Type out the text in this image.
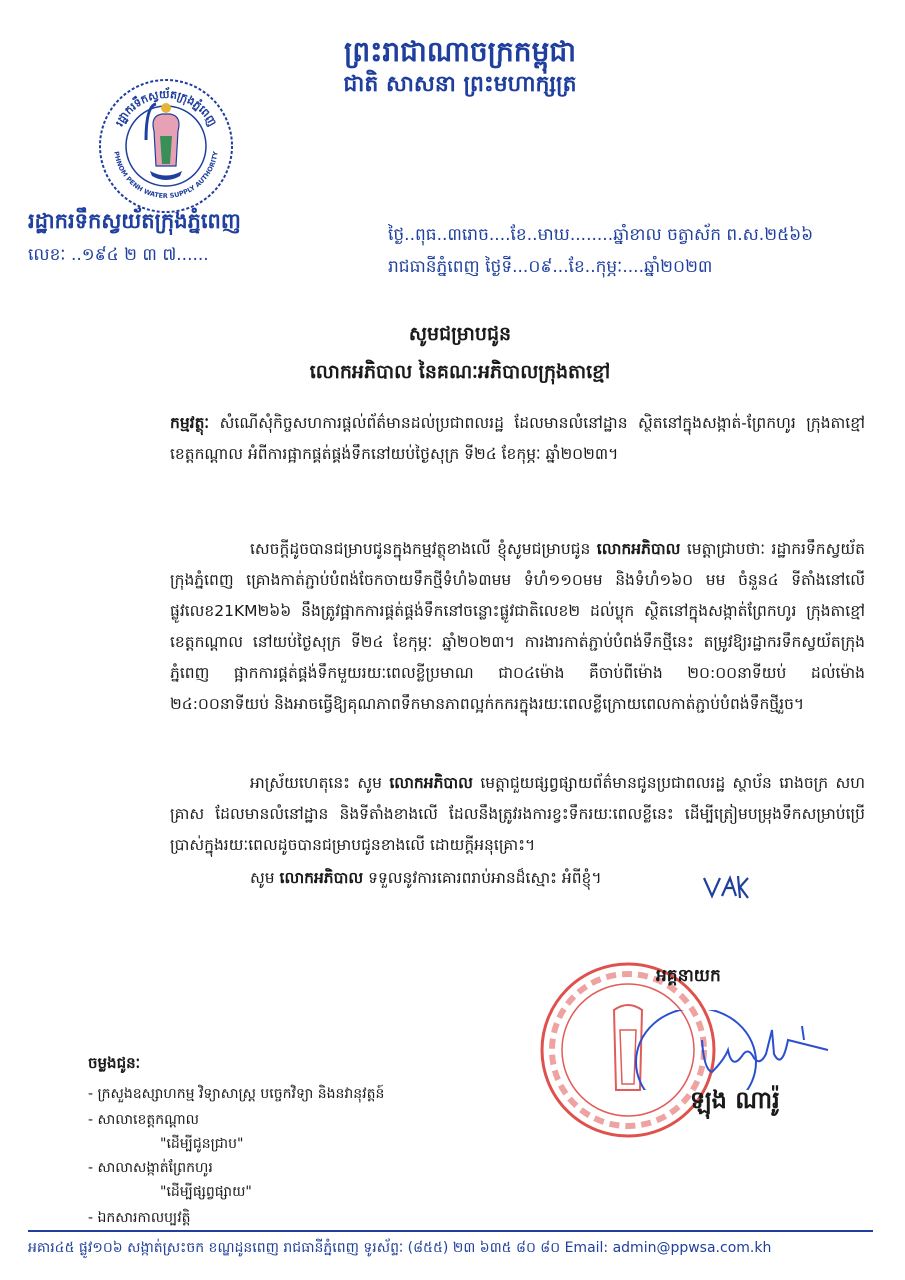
ព្រះរាជាណាចក្រកម្ពុជា
ជាតិ សាសនា ព្រះមហាក្សត្រ
រដ្ឋាករទឹកស្វយ័តក្រុងភ្នំពេញ
PHNOM PENH WATER SUPPLY AUTHORITY
រដ្ឋាករទឹកស្វយ័តក្រុងភ្នំពេញ
លេខៈ ..១៩៤ ២ ៣ ៧......
ថ្ងៃ..ពុធ..៣រោច....ខែ..មាឃ........ឆ្នាំខាល ចត្វាស័ក ព.ស.២៥៦៦
រាជធានីភ្នំពេញ ថ្ងៃទី...០៩...ខែ..កុម្ភៈ....ឆ្នាំ២០២៣
សូមជម្រាបជូន
លោកអភិបាល នៃគណៈអភិបាលក្រុងតាខ្មៅ
កម្មវត្ថុៈ សំណើសុំកិច្ចសហការផ្តល់ព័ត៌មានដល់ប្រជាពលរដ្ឋ ដែលមានលំនៅដ្ឋាន ស្ថិតនៅក្នុងសង្កាត់-ព្រែកហូរ ក្រុងតាខ្មៅ ខេត្តកណ្តាល អំពីការផ្អាកផ្គត់ផ្គង់ទឹកនៅយប់ថ្ងៃសុក្រ ទី២៤ ខែកុម្ភៈ ឆ្នាំ២០២៣។
សេចក្តីដូចបានជម្រាបជូនក្នុងកម្មវត្ថុខាងលើ ខ្ញុំសូមជម្រាបជូន លោកអភិបាល មេត្តាជ្រាបថាៈ រដ្ឋាករទឹកស្វយ័តក្រុងភ្នំពេញ គ្រោងកាត់ភ្ជាប់បំពង់ចែកចាយទឹកថ្មីទំហំ៦៣មម ទំហំ១១០មម និងទំហំ១៦០ មម ចំនួន៤ ទីតាំងនៅលើផ្លូវលេខ21KM២៦៦ នឹងត្រូវផ្អាកការផ្គត់ផ្គង់ទឹកនៅចន្លោះផ្លូវជាតិលេខ២ ដល់ប្លុក ស្ថិតនៅក្នុងសង្កាត់ព្រែកហូរ ក្រុងតាខ្មៅ ខេត្តកណ្តាល នៅយប់ថ្ងៃសុក្រ ទី២៤ ខែកុម្ភៈ ឆ្នាំ២០២៣។ ការងារកាត់ភ្ជាប់បំពង់ទឹកថ្មីនេះ តម្រូវឱ្យរដ្ឋាករទឹកស្វយ័តក្រុងភ្នំពេញ ផ្អាកការផ្គត់ផ្គង់ទឹកមួយរយៈពេលខ្លីប្រមាណ ជា០៤ម៉ោង គឺចាប់ពីម៉ោង ២០:០០នាទីយប់ ដល់ម៉ោង ២៤:០០នាទីយប់ និងអាចធ្វើឱ្យគុណភាពទឹកមានភាពល្អក់កករក្នុងរយៈពេលខ្លីក្រោយពេលកាត់ភ្ជាប់បំពង់ទឹកថ្មីរួច។
អាស្រ័យហេតុនេះ សូម លោកអភិបាល មេត្តាជួយផ្សព្វផ្សាយព័ត៌មានជូនប្រជាពលរដ្ឋ ស្ថាប័ន រោងចក្រ សហគ្រាស ដែលមានលំនៅដ្ឋាន និងទីតាំងខាងលើ ដែលនឹងត្រូវរងការខ្វះទឹករយៈពេលខ្លីនេះ ដើម្បីត្រៀមបម្រុងទឹកសម្រាប់ប្រើប្រាស់ក្នុងរយៈពេលដូចបានជម្រាបជូនខាងលើ ដោយក្តីអនុគ្រោះ។
សូម លោកអភិបាល ទទួលនូវការគោរពរាប់អានដ៏ស្មោះ អំពីខ្ញុំ។
អគ្គនាយក
ឡុង ណារ៉ូ
ចម្លងជូនៈ
- ក្រសួងឧស្សាហកម្ម វិទ្យាសាស្ត្រ បច្ចេកវិទ្យា និងនវានុវត្តន៍
- សាលាខេត្តកណ្តាល
"ដើម្បីជូនជ្រាប"
- សាលាសង្កាត់ព្រែកហូរ
"ដើម្បីផ្សព្វផ្សាយ"
- ឯកសារកាលប្បវត្តិ
អគារ៤៥ ផ្លូវ១០៦ សង្កាត់ស្រះចក ខណ្ឌដូនពេញ រាជធានីភ្នំពេញ ទូរស័ព្ទៈ (៨៥៥) ២៣ ៦៣៥ ៨០ ៨០ Email: admin@ppwsa.com.kh
